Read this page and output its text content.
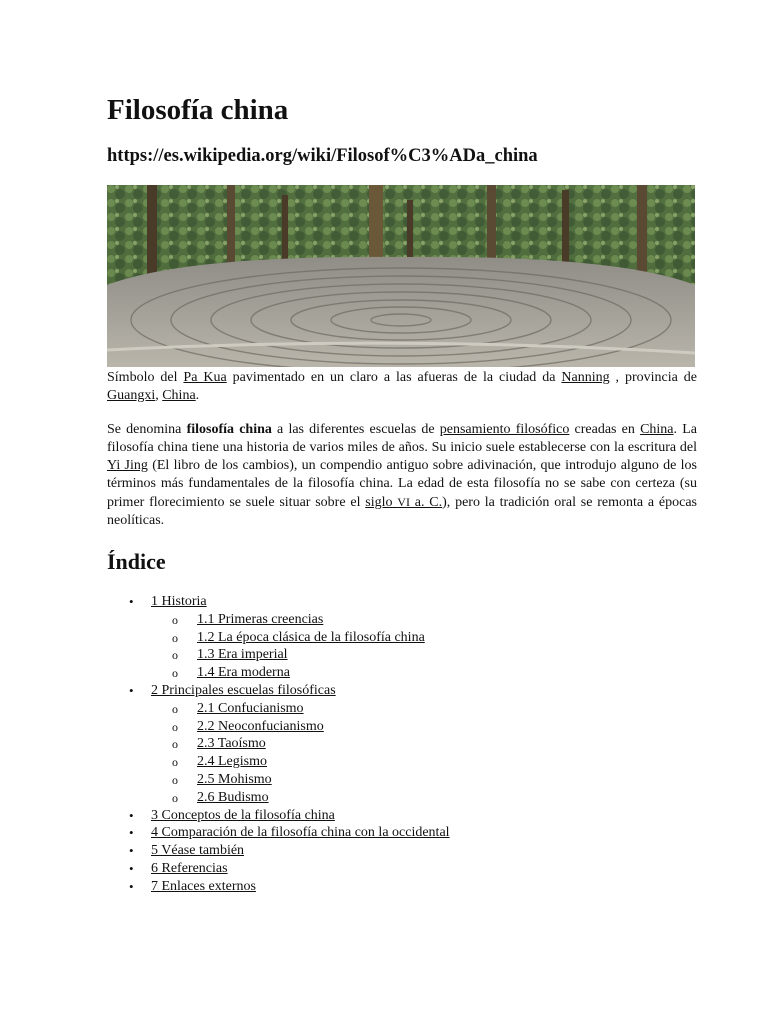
Filosofía china
https://es.wikipedia.org/wiki/Filosof%C3%ADa_china

Símbolo del Pa Kua pavimentado en un claro a las afueras de la ciudad da Nanning , provincia de Guangxi, China.

Se denomina filosofía china a las diferentes escuelas de pensamiento filosófico creadas en China. La filosofía china tiene una historia de varios miles de años. Su inicio suele establecerse con la escritura del Yi Jing (El libro de los cambios), un compendio antiguo sobre adivinación, que introdujo alguno de los términos más fundamentales de la filosofía china. La edad de esta filosofía no se sabe con certeza (su primer florecimiento se suele situar sobre el siglo VI a. C.), pero la tradición oral se remonta a épocas neolíticas.

Índice
• 1 Historia
o 1.1 Primeras creencias
o 1.2 La época clásica de la filosofía china
o 1.3 Era imperial
o 1.4 Era moderna
• 2 Principales escuelas filosóficas
o 2.1 Confucianismo
o 2.2 Neoconfucianismo
o 2.3 Taoísmo
o 2.4 Legismo
o 2.5 Mohismo
o 2.6 Budismo
• 3 Conceptos de la filosofía china
• 4 Comparación de la filosofía china con la occidental
• 5 Véase también
• 6 Referencias
• 7 Enlaces externos
